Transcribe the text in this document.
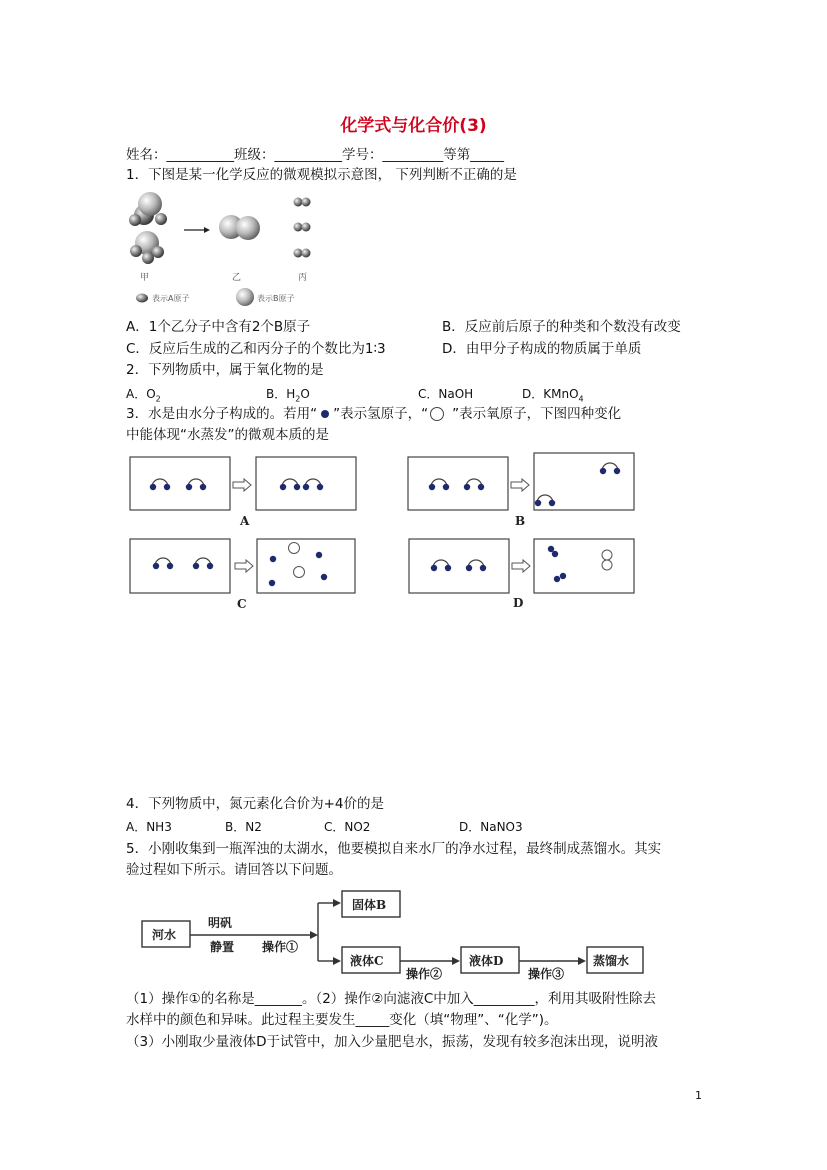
化学式与化合价(3)
姓名：__________班级：__________学号：_________等第_____
1．下图是某一化学反应的微观模拟示意图， 下列判断不正确的是
甲	乙	丙
表示A原子	表示B原子
A．1个乙分子中含有2个B原子	B．反应前后原子的种类和个数没有改变
C．反应后生成的乙和丙分子的个数比为1∶3	D．由甲分子构成的物质属于单质
2．下列物质中，属于氧化物的是
A．$O_2$	B．$H_2O$	C．NaOH	D．KMnO$_4$
3．水是由水分子构成的。若用“ ”表示氢原子，“ ”表示氧原子，下图四种变化
中能体现“水蒸发”的微观本质的是
A	B
C	D
4．下列物质中，氮元素化合价为+4价的是
A．NH3	B．N2	C．NO2	D．NaNO3
5．小刚收集到一瓶浑浊的太湖水，他要模拟自来水厂的净水过程，最终制成蒸馏水。其实
验过程如下所示。请回答以下问题。
河水
明矾
静置 操作①
固体B
液体C
操作②
液体D
操作③
蒸馏水
（1）操作①的名称是_______。（2）操作②向滤液C中加入_________，利用其吸附性除去
水样中的颜色和异味。此过程主要发生_____变化（填“物理”、“化学”)。
（3）小刚取少量液体D于试管中，加入少量肥皂水，振荡，发现有较多泡沫出现，说明液
1
